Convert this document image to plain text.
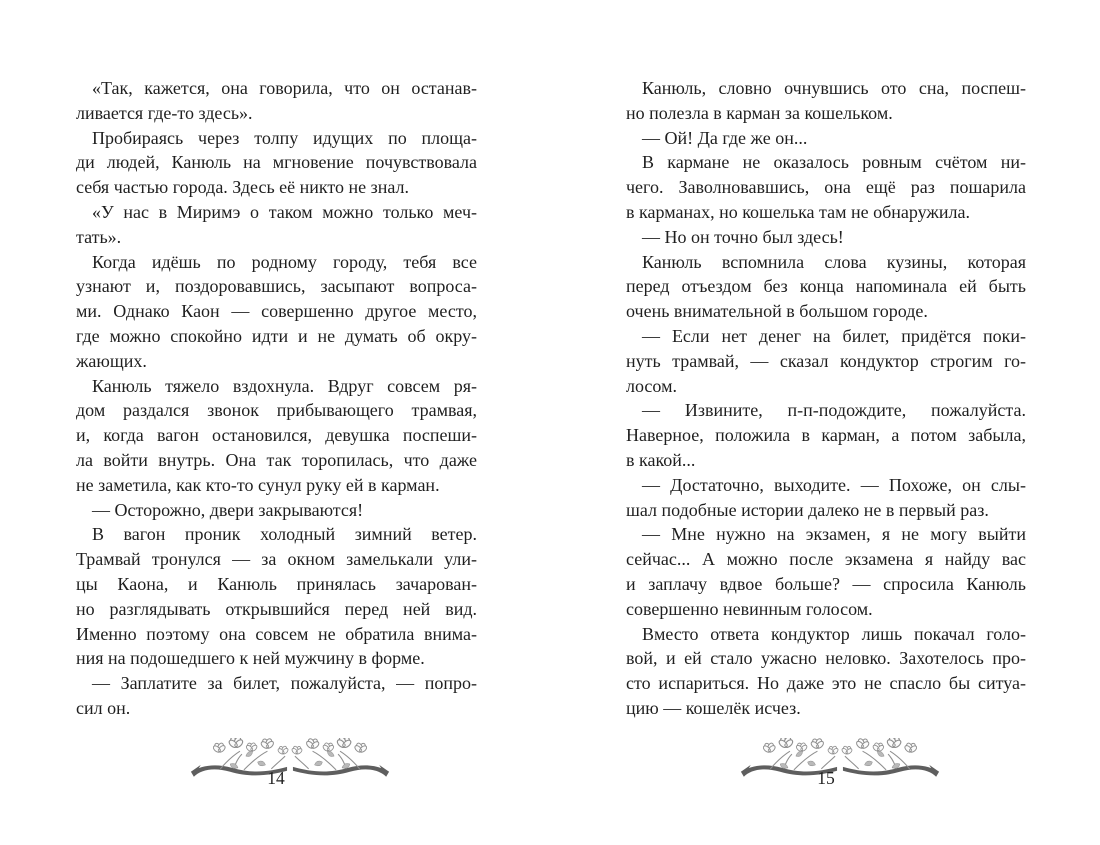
«Так, кажется, она говорила, что он останав-
ливается где-то здесь».
Пробираясь через толпу идущих по площа-
ди людей, Канюль на мгновение почувствовала
себя частью города. Здесь её никто не знал.
«У нас в Миримэ о таком можно только меч-
тать».
Когда идёшь по родному городу, тебя все
узнают и, поздоровавшись, засыпают вопроса-
ми. Однако Каон — совершенно другое место,
где можно спокойно идти и не думать об окру-
жающих.
Канюль тяжело вздохнула. Вдруг совсем ря-
дом раздался звонок прибывающего трамвая,
и, когда вагон остановился, девушка поспеши-
ла войти внутрь. Она так торопилась, что даже
не заметила, как кто-то сунул руку ей в карман.
— Осторожно, двери закрываются!
В вагон проник холодный зимний ветер.
Трамвай тронулся — за окном замелькали ули-
цы Каона, и Канюль принялась зачарован-
но разглядывать открывшийся перед ней вид.
Именно поэтому она совсем не обратила внима-
ния на подошедшего к ней мужчину в форме.
— Заплатите за билет, пожалуйста, — попро-
сил он.
Канюль, словно очнувшись ото сна, поспеш-
но полезла в карман за кошельком.
— Ой! Да где же он...
В кармане не оказалось ровным счётом ни-
чего. Заволновавшись, она ещё раз пошарила
в карманах, но кошелька там не обнаружила.
— Но он точно был здесь!
Канюль вспомнила слова кузины, которая
перед отъездом без конца напоминала ей быть
очень внимательной в большом городе.
— Если нет денег на билет, придётся поки-
нуть трамвай, — сказал кондуктор строгим го-
лосом.
— Извините, п-п-подождите, пожалуйста.
Наверное, положила в карман, а потом забыла,
в какой...
— Достаточно, выходите. — Похоже, он слы-
шал подобные истории далеко не в первый раз.
— Мне нужно на экзамен, я не могу выйти
сейчас... А можно после экзамена я найду вас
и заплачу вдвое больше? — спросила Канюль
совершенно невинным голосом.
Вместо ответа кондуктор лишь покачал голо-
вой, и ей стало ужасно неловко. Захотелось про-
сто испариться. Но даже это не спасло бы ситуа-
цию — кошелёк исчез.
14	15
